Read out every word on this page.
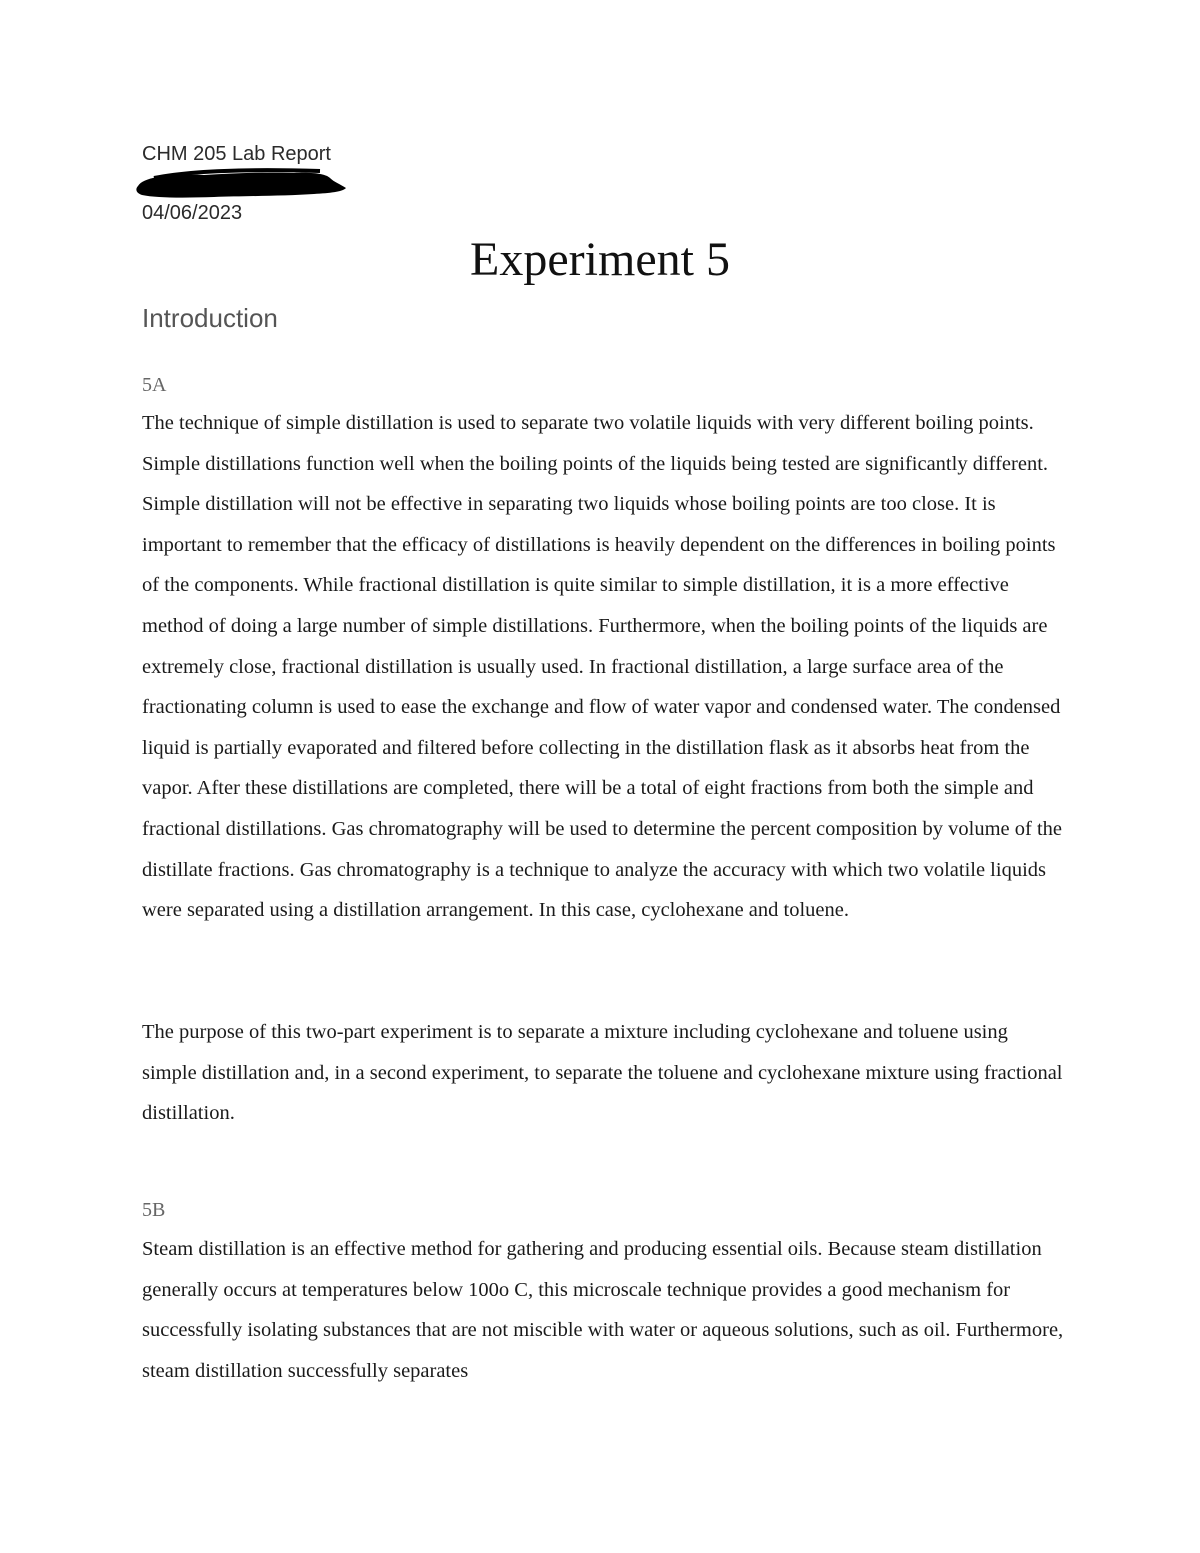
CHM 205 Lab Report
04/06/2023
Experiment 5
Introduction
5A

The technique of simple distillation is used to separate two volatile liquids with very different boiling points. Simple distillations function well when the boiling points of the liquids being tested are significantly different. Simple distillation will not be effective in separating two liquids whose boiling points are too close. It is important to remember that the efficacy of distillations is heavily dependent on the differences in boiling points of the components. While fractional distillation is quite similar to simple distillation, it is a more effective method of doing a large number of simple distillations. Furthermore, when the boiling points of the liquids are extremely close, fractional distillation is usually used. In fractional distillation, a large surface area of the fractionating column is used to ease the exchange and flow of water vapor and condensed water. The condensed liquid is partially evaporated and filtered before collecting in the distillation flask as it absorbs heat from the vapor. After these distillations are completed, there will be a total of eight fractions from both the simple and fractional distillations. Gas chromatography will be used to determine the percent composition by volume of the distillate fractions. Gas chromatography is a technique to analyze the accuracy with which two volatile liquids were separated using a distillation arrangement. In this case, cyclohexane and toluene.

The purpose of this two-part experiment is to separate a mixture including cyclohexane and toluene using simple distillation and, in a second experiment, to separate the toluene and cyclohexane mixture using fractional distillation.

5B

Steam distillation is an effective method for gathering and producing essential oils. Because steam distillation generally occurs at temperatures below 100o C, this microscale technique provides a good mechanism for successfully isolating substances that are not miscible with water or aqueous solutions, such as oil. Furthermore, steam distillation successfully separates
